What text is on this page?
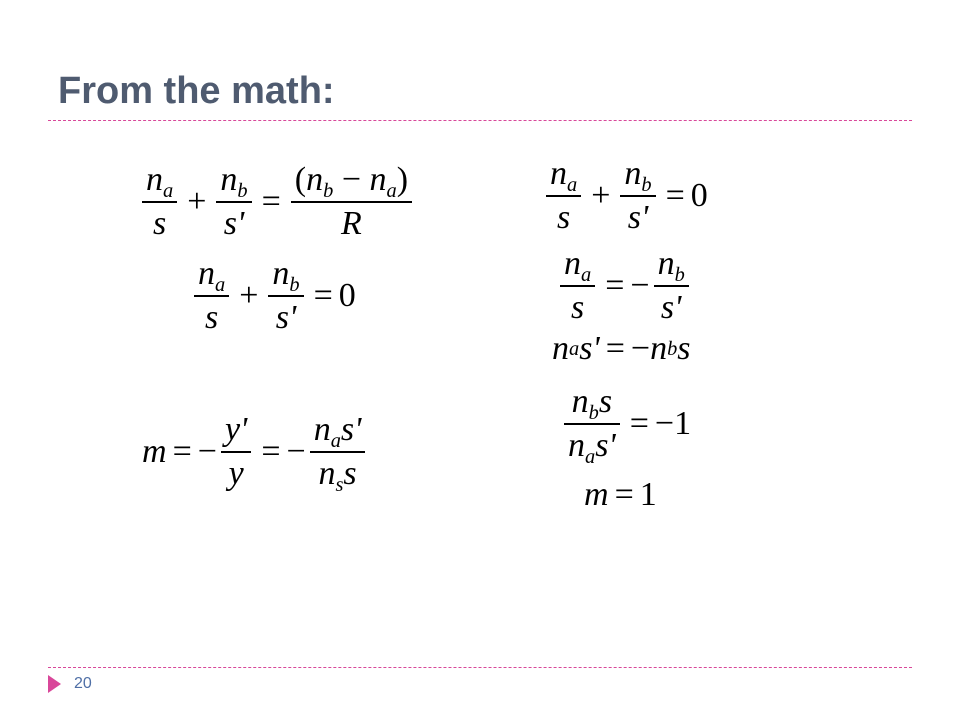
From the math:
$\frac{n_a}{s} + \frac{n_b}{s'} = \frac{(n_b - n_a)}{R}$
$\frac{n_a}{s} + \frac{n_b}{s'} = 0$
m = − $\frac{y'}{y}$ = − $\frac{n_as'}{n_ss}$
$\frac{n_a}{s} + \frac{n_b}{s'} = 0$
$\frac{n_a}{s}$ = − $\frac{n_b}{s'}$
n a s' = − n b s
$\frac{n_bs}{n_as'} = -1$
m = 1
20
